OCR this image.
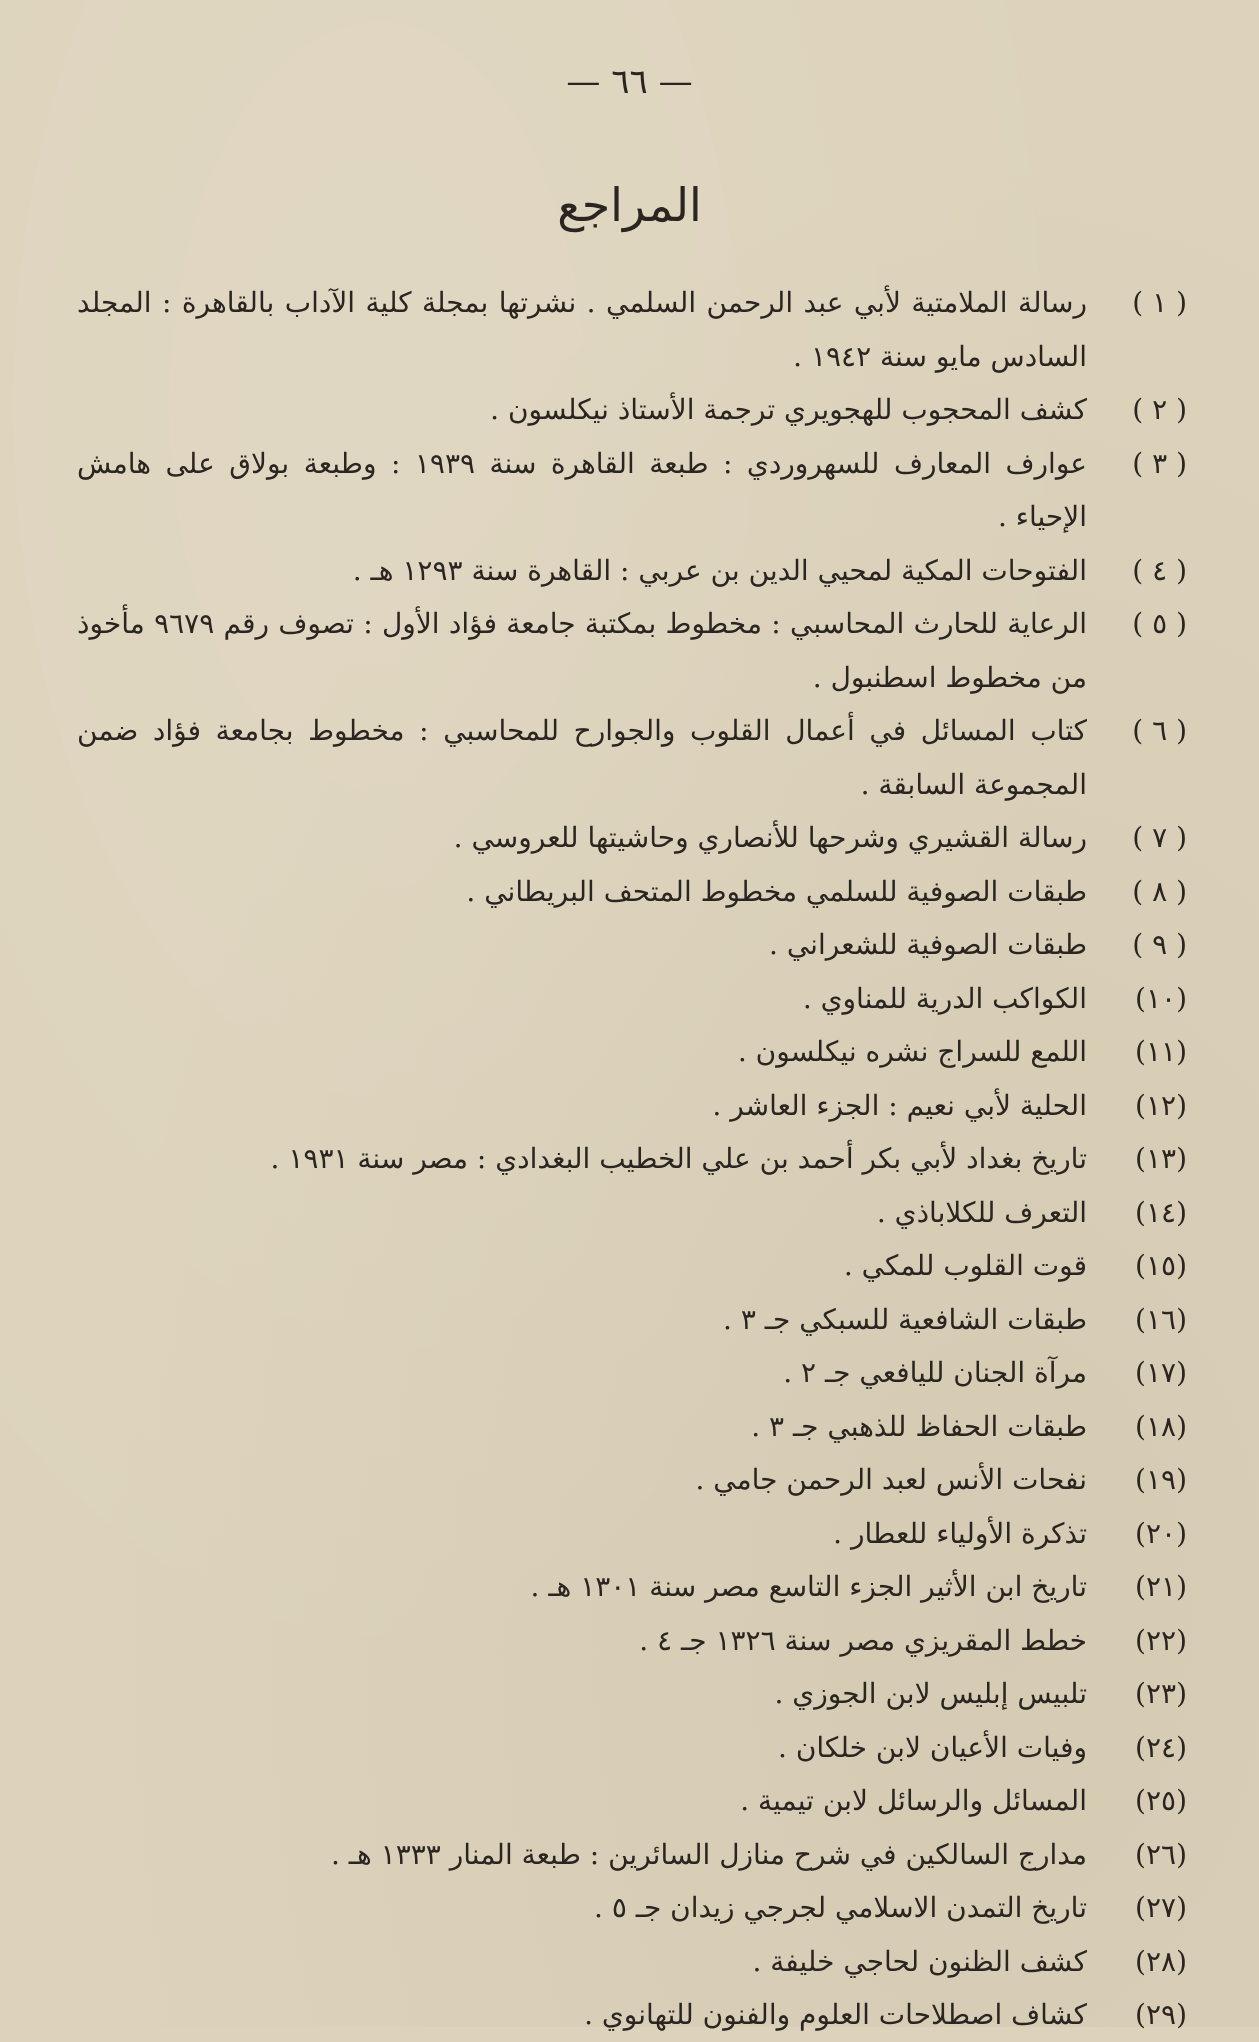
— ٦٦ —
المراجع
( ١ )
رسالة الملامتية لأبي عبد الرحمن السلمي . نشرتها بمجلة كلية الآداب بالقاهرة : المجلد السادس مايو سنة ١٩٤٢ .
( ٢ )
كشف المحجوب للهجويري ترجمة الأستاذ نيكلسون .
( ٣ )
عوارف المعارف للسهروردي : طبعة القاهرة سنة ١٩٣٩ : وطبعة بولاق على هامش الإحياء .
( ٤ )
الفتوحات المكية لمحيي الدين بن عربي : القاهرة سنة ١٢٩٣ هـ .
( ٥ )
الرعاية للحارث المحاسبي : مخطوط بمكتبة جامعة فؤاد الأول : تصوف رقم ٩٦٧٩ مأخوذ من مخطوط اسطنبول .
( ٦ )
كتاب المسائل في أعمال القلوب والجوارح للمحاسبي : مخطوط بجامعة فؤاد ضمن المجموعة السابقة .
( ٧ )
رسالة القشيري وشرحها للأنصاري وحاشيتها للعروسي .
( ٨ )
طبقات الصوفية للسلمي مخطوط المتحف البريطاني .
( ٩ )
طبقات الصوفية للشعراني .
(١٠)
الكواكب الدرية للمناوي .
(١١)
اللمع للسراج نشره نيكلسون .
(١٢)
الحلية لأبي نعيم : الجزء العاشر .
(١٣)
تاريخ بغداد لأبي بكر أحمد بن علي الخطيب البغدادي : مصر سنة ١٩٣١ .
(١٤)
التعرف للكلاباذي .
(١٥)
قوت القلوب للمكي .
(١٦)
طبقات الشافعية للسبكي جـ ٣ .
(١٧)
مرآة الجنان لليافعي جـ ٢ .
(١٨)
طبقات الحفاظ للذهبي جـ ٣ .
(١٩)
نفحات الأنس لعبد الرحمن جامي .
(٢٠)
تذكرة الأولياء للعطار .
(٢١)
تاريخ ابن الأثير الجزء التاسع مصر سنة ١٣٠١ هـ .
(٢٢)
خطط المقريزي مصر سنة ١٣٢٦ جـ ٤ .
(٢٣)
تلبيس إبليس لابن الجوزي .
(٢٤)
وفيات الأعيان لابن خلكان .
(٢٥)
المسائل والرسائل لابن تيمية .
(٢٦)
مدارج السالكين في شرح منازل السائرين : طبعة المنار ١٣٣٣ هـ .
(٢٧)
تاريخ التمدن الاسلامي لجرجي زيدان جـ ٥ .
(٢٨)
كشف الظنون لحاجي خليفة .
(٢٩)
كشاف اصطلاحات العلوم والفنون للتهانوي .
